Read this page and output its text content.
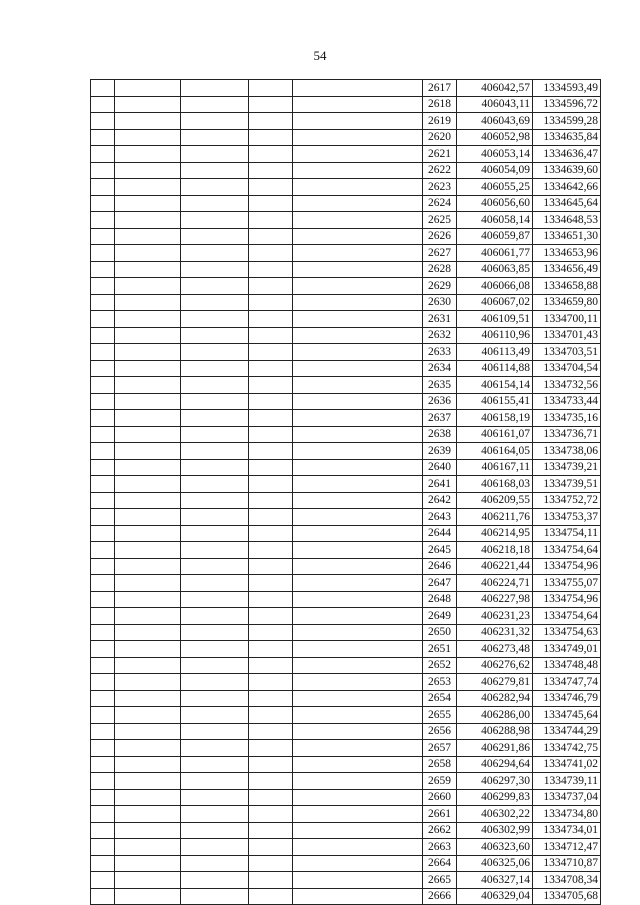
54
					2617	406042,57	1334593,49
					2618	406043,11	1334596,72
					2619	406043,69	1334599,28
					2620	406052,98	1334635,84
					2621	406053,14	1334636,47
					2622	406054,09	1334639,60
					2623	406055,25	1334642,66
					2624	406056,60	1334645,64
					2625	406058,14	1334648,53
					2626	406059,87	1334651,30
					2627	406061,77	1334653,96
					2628	406063,85	1334656,49
					2629	406066,08	1334658,88
					2630	406067,02	1334659,80
					2631	406109,51	1334700,11
					2632	406110,96	1334701,43
					2633	406113,49	1334703,51
					2634	406114,88	1334704,54
					2635	406154,14	1334732,56
					2636	406155,41	1334733,44
					2637	406158,19	1334735,16
					2638	406161,07	1334736,71
					2639	406164,05	1334738,06
					2640	406167,11	1334739,21
					2641	406168,03	1334739,51
					2642	406209,55	1334752,72
					2643	406211,76	1334753,37
					2644	406214,95	1334754,11
					2645	406218,18	1334754,64
					2646	406221,44	1334754,96
					2647	406224,71	1334755,07
					2648	406227,98	1334754,96
					2649	406231,23	1334754,64
					2650	406231,32	1334754,63
					2651	406273,48	1334749,01
					2652	406276,62	1334748,48
					2653	406279,81	1334747,74
					2654	406282,94	1334746,79
					2655	406286,00	1334745,64
					2656	406288,98	1334744,29
					2657	406291,86	1334742,75
					2658	406294,64	1334741,02
					2659	406297,30	1334739,11
					2660	406299,83	1334737,04
					2661	406302,22	1334734,80
					2662	406302,99	1334734,01
					2663	406323,60	1334712,47
					2664	406325,06	1334710,87
					2665	406327,14	1334708,34
					2666	406329,04	1334705,68
